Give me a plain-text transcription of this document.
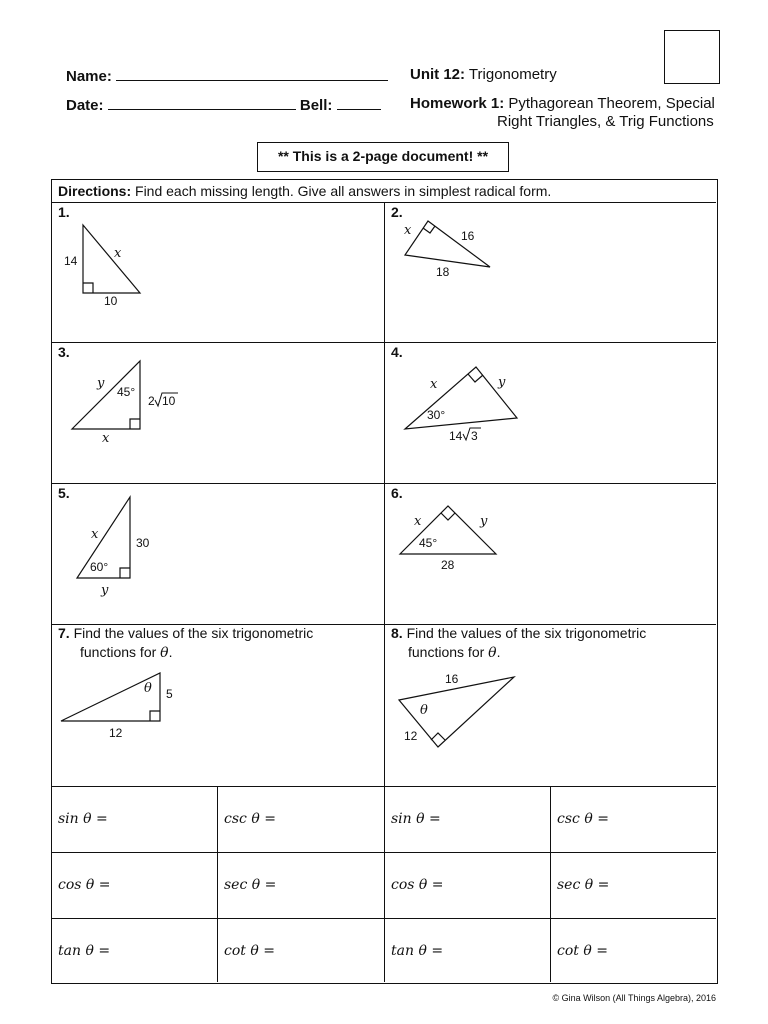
Name:
Date:	Bell:
Unit 12: Trigonometry
Homework 1: Pythagorean Theorem, Special
Right Triangles, & Trig Functions
** This is a 2-page document! **
Directions: Find each missing length. Give all answers in simplest radical form.
1.	2.
3.	4.
5.	6.
7. Find the values of the six trigonometric
functions for θ.
8. Find the values of the six trigonometric
functions for θ.
sin θ =	csc θ =	sin θ =	csc θ =
cos θ =	sec θ =	cos θ =	sec θ =
tan θ =	cot θ =	tan θ =	cot θ =
14	x
10
x	16
18
y
45°
2 10
x
x	y
30°
14 3
x
60°
30
y
x	y
45°
28
θ 5
12
16
θ
12
© Gina Wilson (All Things Algebra), 2016
